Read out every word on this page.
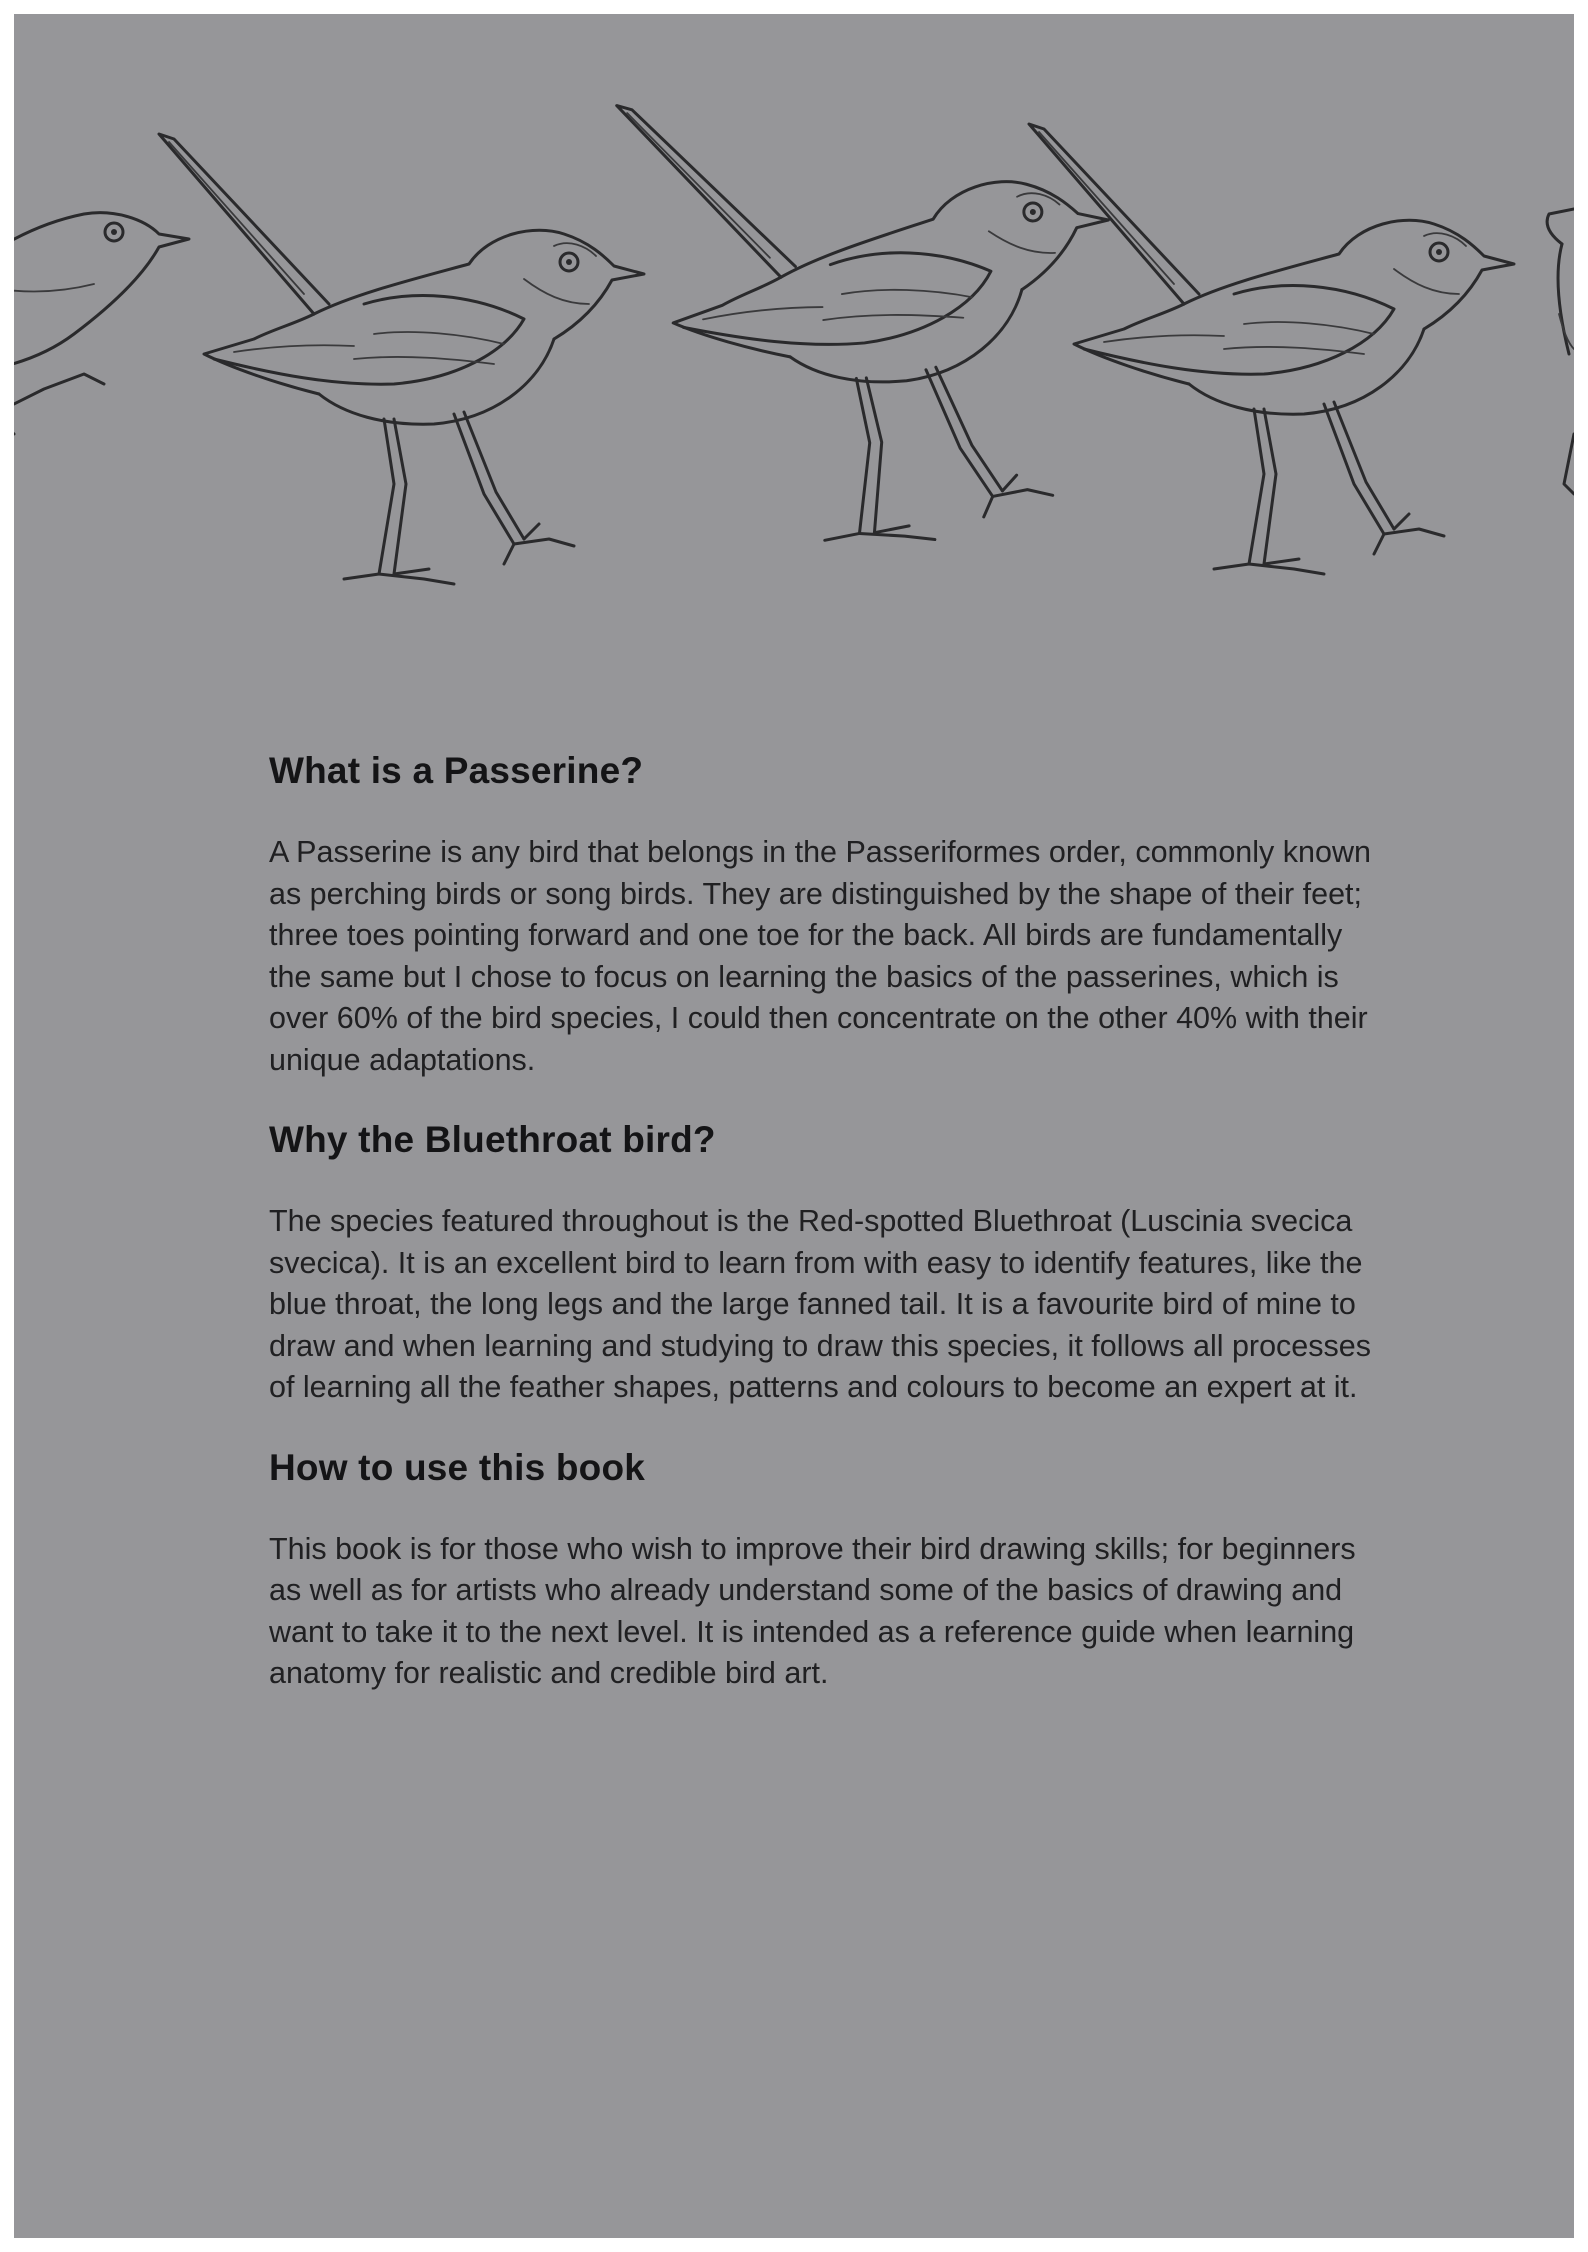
What is a Passerine?

A Passerine is any bird that belongs in the Passeriformes order, commonly known as perching birds or song birds. They are distinguished by the shape of their feet; three toes pointing forward and one toe for the back. All birds are fundamentally the same but I chose to focus on learning the basics of the passerines, which is over 60% of the bird species, I could then concentrate on the other 40% with their unique adaptations.

Why the Bluethroat bird?

The species featured throughout is the Red-spotted Bluethroat (Luscinia svecica svecica). It is an excellent bird to learn from with easy to identify features, like the blue throat, the long legs and the large fanned tail. It is a favourite bird of mine to draw and when learning and studying to draw this species, it follows all processes of learning all the feather shapes, patterns and colours to become an expert at it.

How to use this book

This book is for those who wish to improve their bird drawing skills; for beginners as well as for artists who already understand some of the basics of drawing and want to take it to the next level. It is intended as a reference guide when learning anatomy for realistic and credible bird art.
